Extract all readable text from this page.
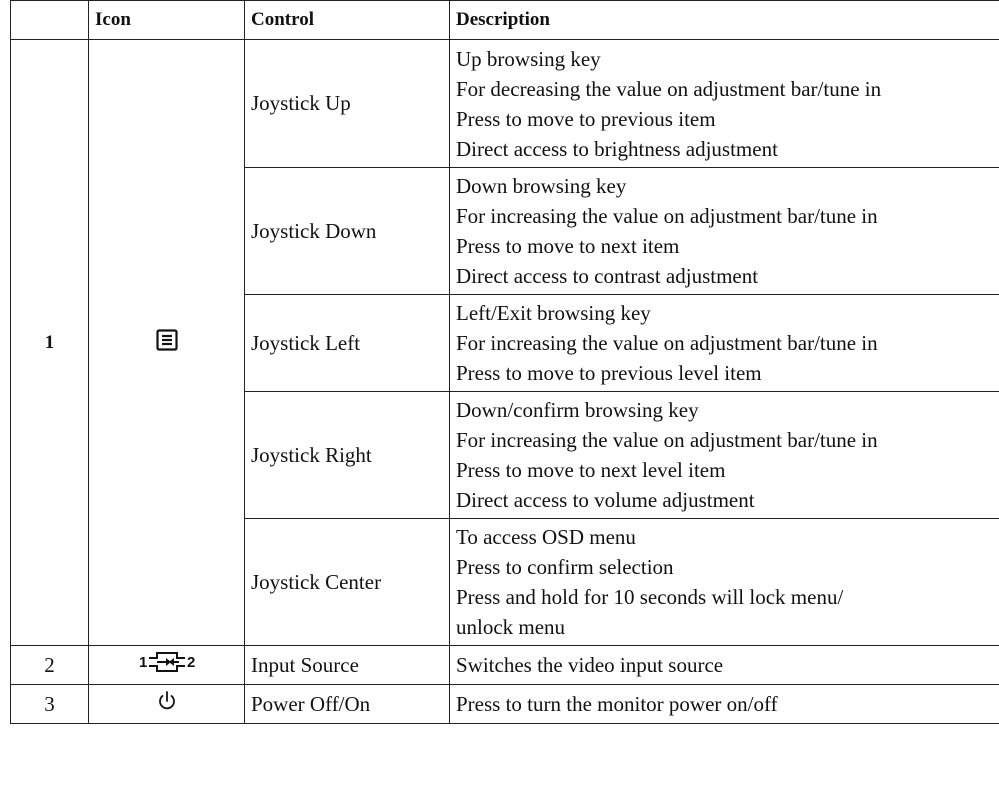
	Icon	Control	Description
1		Joystick Up	Up browsing key
For decreasing the value on adjustment bar/tune in
Press to move to previous item
Direct access to brightness adjustment

		Joystick Down	Down browsing key
For increasing the value on adjustment bar/tune in
Press to move to next item
Direct access to contrast adjustment

		Joystick Left	Left/Exit browsing key
For increasing the value on adjustment bar/tune in
Press to move to previous level item

		Joystick Right	Down/confirm browsing key
For increasing the value on adjustment bar/tune in
Press to move to next level item
Direct access to volume adjustment

		Joystick Center	To access OSD menu
Press to confirm selection
Press and hold for 10 seconds will lock menu/
unlock menu

2	1 2	Input Source	Switches the video input source
3		Power Off/On	Press to turn the monitor power on/off
